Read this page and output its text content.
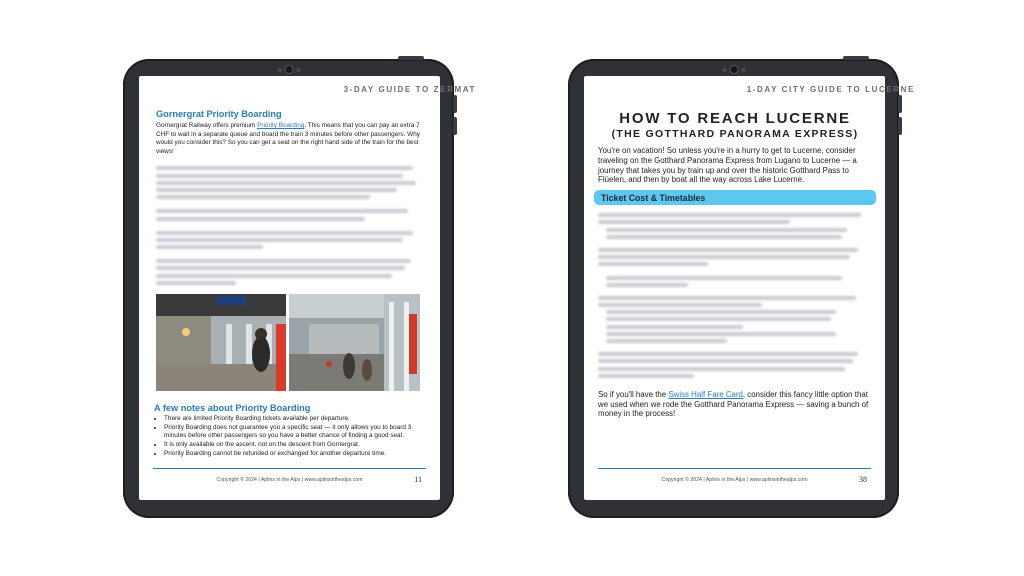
3-DAY GUIDE TO ZERMAT
Gornergrat Priority Boarding
Gornergrat Railway offers premium Priority Boarding. This means that you can pay an extra 7 CHF to wait in a separate queue and board the train 3 minutes before other passengers. Why would you consider this? So you can get a seat on the right hand side of the train for the best views!
A few notes about Priority Boarding
• There are limited Priority Boarding tickets available per departure.
• Priority Boarding does not guarantee you a specific seat — it only allows you to board 3 minutes before other passengers so you have a better chance of finding a good seat.
• It is only available on the ascent, not on the descent from Gornergrat.
• Priority Boarding cannot be refunded or exchanged for another departure time.
Copyright © 2024 | Aplins in the Alps | www.aplinsinthealps.com	11
1-DAY CITY GUIDE TO LUCERNE
HOW TO REACH LUCERNE
(THE GOTTHARD PANORAMA EXPRESS)
You're on vacation! So unless you're in a hurry to get to Lucerne, consider traveling on the Gotthard Panorama Express from Lugano to Lucerne — a journey that takes you by train up and over the historic Gotthard Pass to Flüelen, and then by boat all the way across Lake Lucerne.
Ticket Cost & Timetables
So if you'll have the Swiss Half Fare Card, consider this fancy little option that we used when we rode the Gotthard Panorama Express — saving a bunch of money in the process!
Copyright © 2024 | Aplins in the Alps | www.aplinsinthealps.com	38
